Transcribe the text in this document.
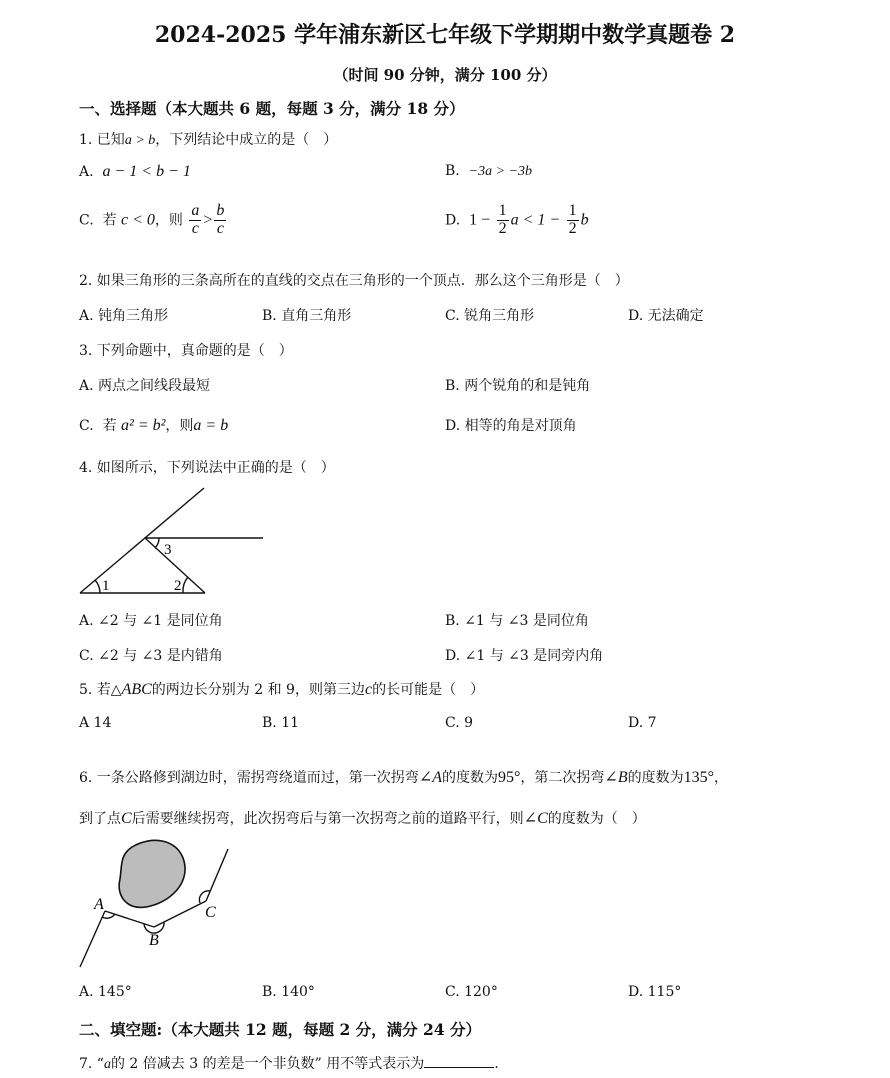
2024-2025 学年浦东新区七年级下学期期中数学真题卷 2
（时间 90 分钟，满分 100 分）
一、选择题（本大题共 6 题，每题 3 分，满分 18 分）
1. 已知a > b，下列结论中成立的是（　）
A. a − 1 < b − 1	B. −3a > −3b
C. 若 c < 0，则 $\frac{a}{c} > \frac{b}{c}$	D. $1 - \frac{1}{2}$ $a < 1 - \frac{1}{2}$ b
2. 如果三角形的三条高所在的直线的交点在三角形的一个顶点．那么这个三角形是（　）
A. 钝角三角形	B. 直角三角形	C. 锐角三角形	D. 无法确定
3. 下列命题中，真命题的是（　）
A. 两点之间线段最短	B. 两个锐角的和是钝角
C. 若 a² = b²，则a = b	D. 相等的角是对顶角
4. 如图所示，下列说法中正确的是（　）
1	2
3
A. ∠2 与 ∠1 是同位角	B. ∠1 与 ∠3 是同位角
C. ∠2 与 ∠3 是内错角	D. ∠1 与 ∠3 是同旁内角
5. 若△ABC的两边长分别为 2 和 9，则第三边c的长可能是（　）
A 14	B. 11	C. 9	D. 7
6. 一条公路修到湖边时，需拐弯绕道而过，第一次拐弯∠A的度数为95°，第二次拐弯∠B的度数为135°，
到了点C后需要继续拐弯，此次拐弯后与第一次拐弯之前的道路平行，则∠C的度数为（　）
A
B
C
A. 145°	B. 140°	C. 120°	D. 115°
二、填空题:（本大题共 12 题，每题 2 分，满分 24 分）
7. “a的 2 倍减去 3 的差是一个非负数” 用不等式表示为	.
